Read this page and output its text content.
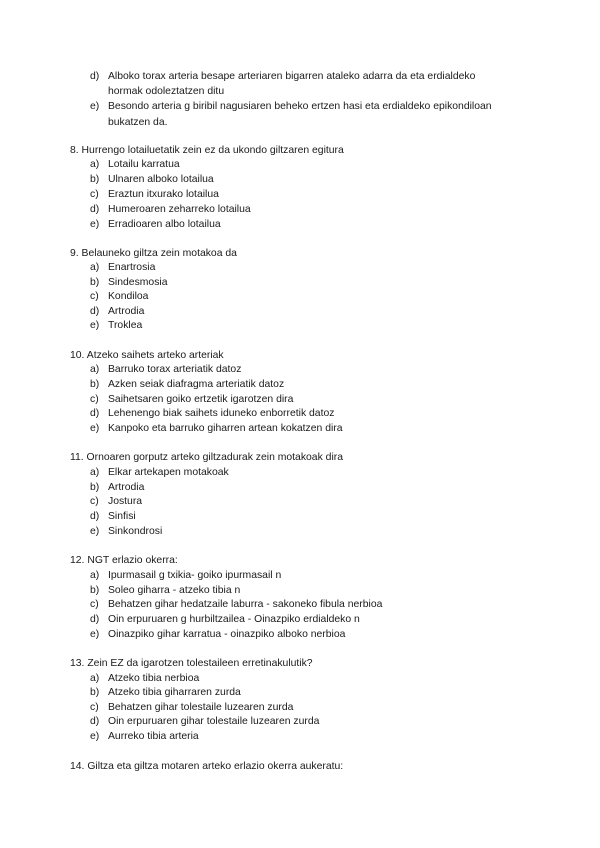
d) Alboko torax arteria besape arteriaren bigarren ataleko adarra da eta erdialdeko
hormak odoleztatzen ditu
e) Besondo arteria g biribil nagusiaren beheko ertzen hasi eta erdialdeko epikondiloan
bukatzen da.
8. Hurrengo lotailuetatik zein ez da ukondo giltzaren egitura
a) Lotailu karratua
b) Ulnaren alboko lotailua
c) Eraztun itxurako lotailua
d) Humeroaren zeharreko lotailua
e) Erradioaren albo lotailua
9. Belauneko giltza zein motakoa da
a) Enartrosia
b) Sindesmosia
c) Kondiloa
d) Artrodia
e) Troklea
10. Atzeko saihets arteko arteriak
a) Barruko torax arteriatik datoz
b) Azken seiak diafragma arteriatik datoz
c) Saihetsaren goiko ertzetik igarotzen dira
d) Lehenengo biak saihets iduneko enborretik datoz
e) Kanpoko eta barruko giharren artean kokatzen dira
11. Ornoaren gorputz arteko giltzadurak zein motakoak dira
a) Elkar artekapen motakoak
b) Artrodia
c) Jostura
d) Sinfisi
e) Sinkondrosi
12. NGT erlazio okerra:
a) Ipurmasail g txikia- goiko ipurmasail n
b) Soleo giharra - atzeko tibia n
c) Behatzen gihar hedatzaile laburra - sakoneko fibula nerbioa
d) Oin erpuruaren g hurbiltzailea - Oinazpiko erdialdeko n
e) Oinazpiko gihar karratua - oinazpiko alboko nerbioa
13. Zein EZ da igarotzen tolestaileen erretinakulutik?
a) Atzeko tibia nerbioa
b) Atzeko tibia giharraren zurda
c) Behatzen gihar tolestaile luzearen zurda
d) Oin erpuruaren gihar tolestaile luzearen zurda
e) Aurreko tibia arteria
14. Giltza eta giltza motaren arteko erlazio okerra aukeratu:
